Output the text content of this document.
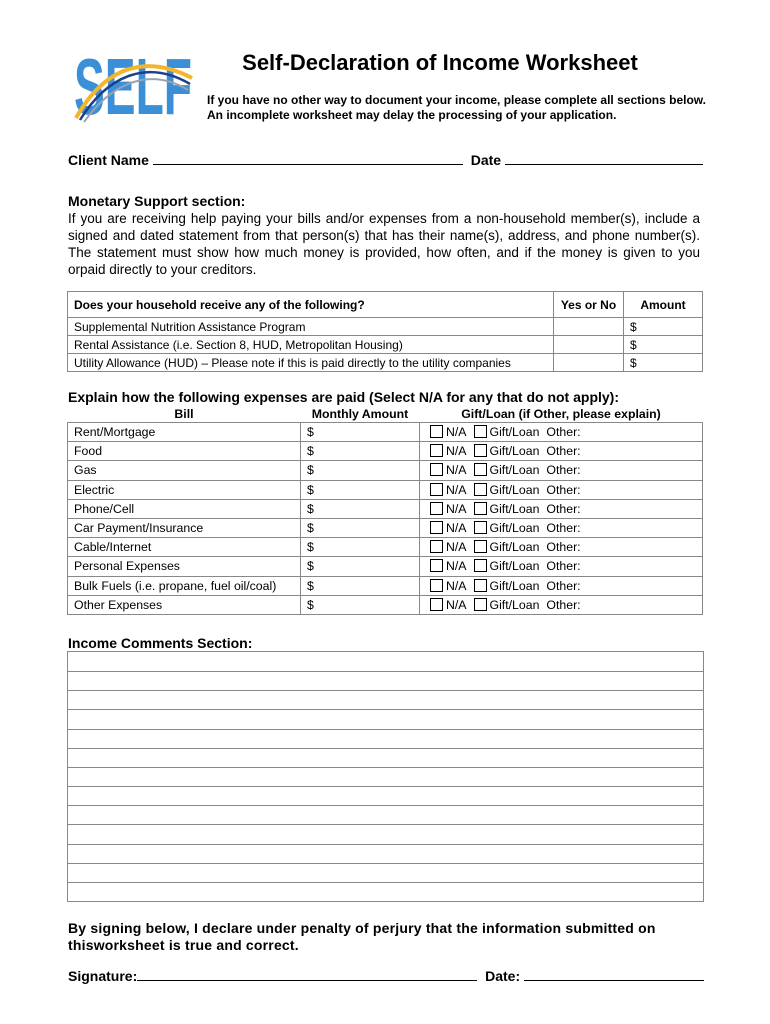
SELF	Self-Declaration of Income Worksheet
If you have no other way to document your income, please complete all sections below. An incomplete worksheet may delay the processing of your application.
Client Name	Date
Monetary Support section:
If you are receiving help paying your bills and/or expenses from a non-household member(s), include a signed and dated statement from that person(s) that has their name(s), address, and phone number(s). The statement must show how much money is provided, how often, and if the money is given to you orpaid directly to your creditors.
Does your household receive any of the following?	Yes or No	Amount
Supplemental Nutrition Assistance Program		$
Rental Assistance (i.e. Section 8, HUD, Metropolitan Housing)		$
Utility Allowance (HUD) – Please note if this is paid directly to the utility companies		$
Explain how the following expenses are paid (Select N/A for any that do not apply):
Bill	Monthly Amount	Gift/Loan (if Other, please explain)
Rent/Mortgage	$	N/A Gift/Loan Other:
Food	$	N/A Gift/Loan Other:
Gas	$	N/A Gift/Loan Other:
Electric	$	N/A Gift/Loan Other:
Phone/Cell	$	N/A Gift/Loan Other:
Car Payment/Insurance	$	N/A Gift/Loan Other:
Cable/Internet	$	N/A Gift/Loan Other:
Personal Expenses	$	N/A Gift/Loan Other:
Bulk Fuels (i.e. propane, fuel oil/coal)	$	N/A Gift/Loan Other:
Other Expenses	$	N/A Gift/Loan Other:
Income Comments Section:
By signing below, I declare under penalty of perjury that the information submitted on thisworksheet is true and correct.
Signature:	Date:
